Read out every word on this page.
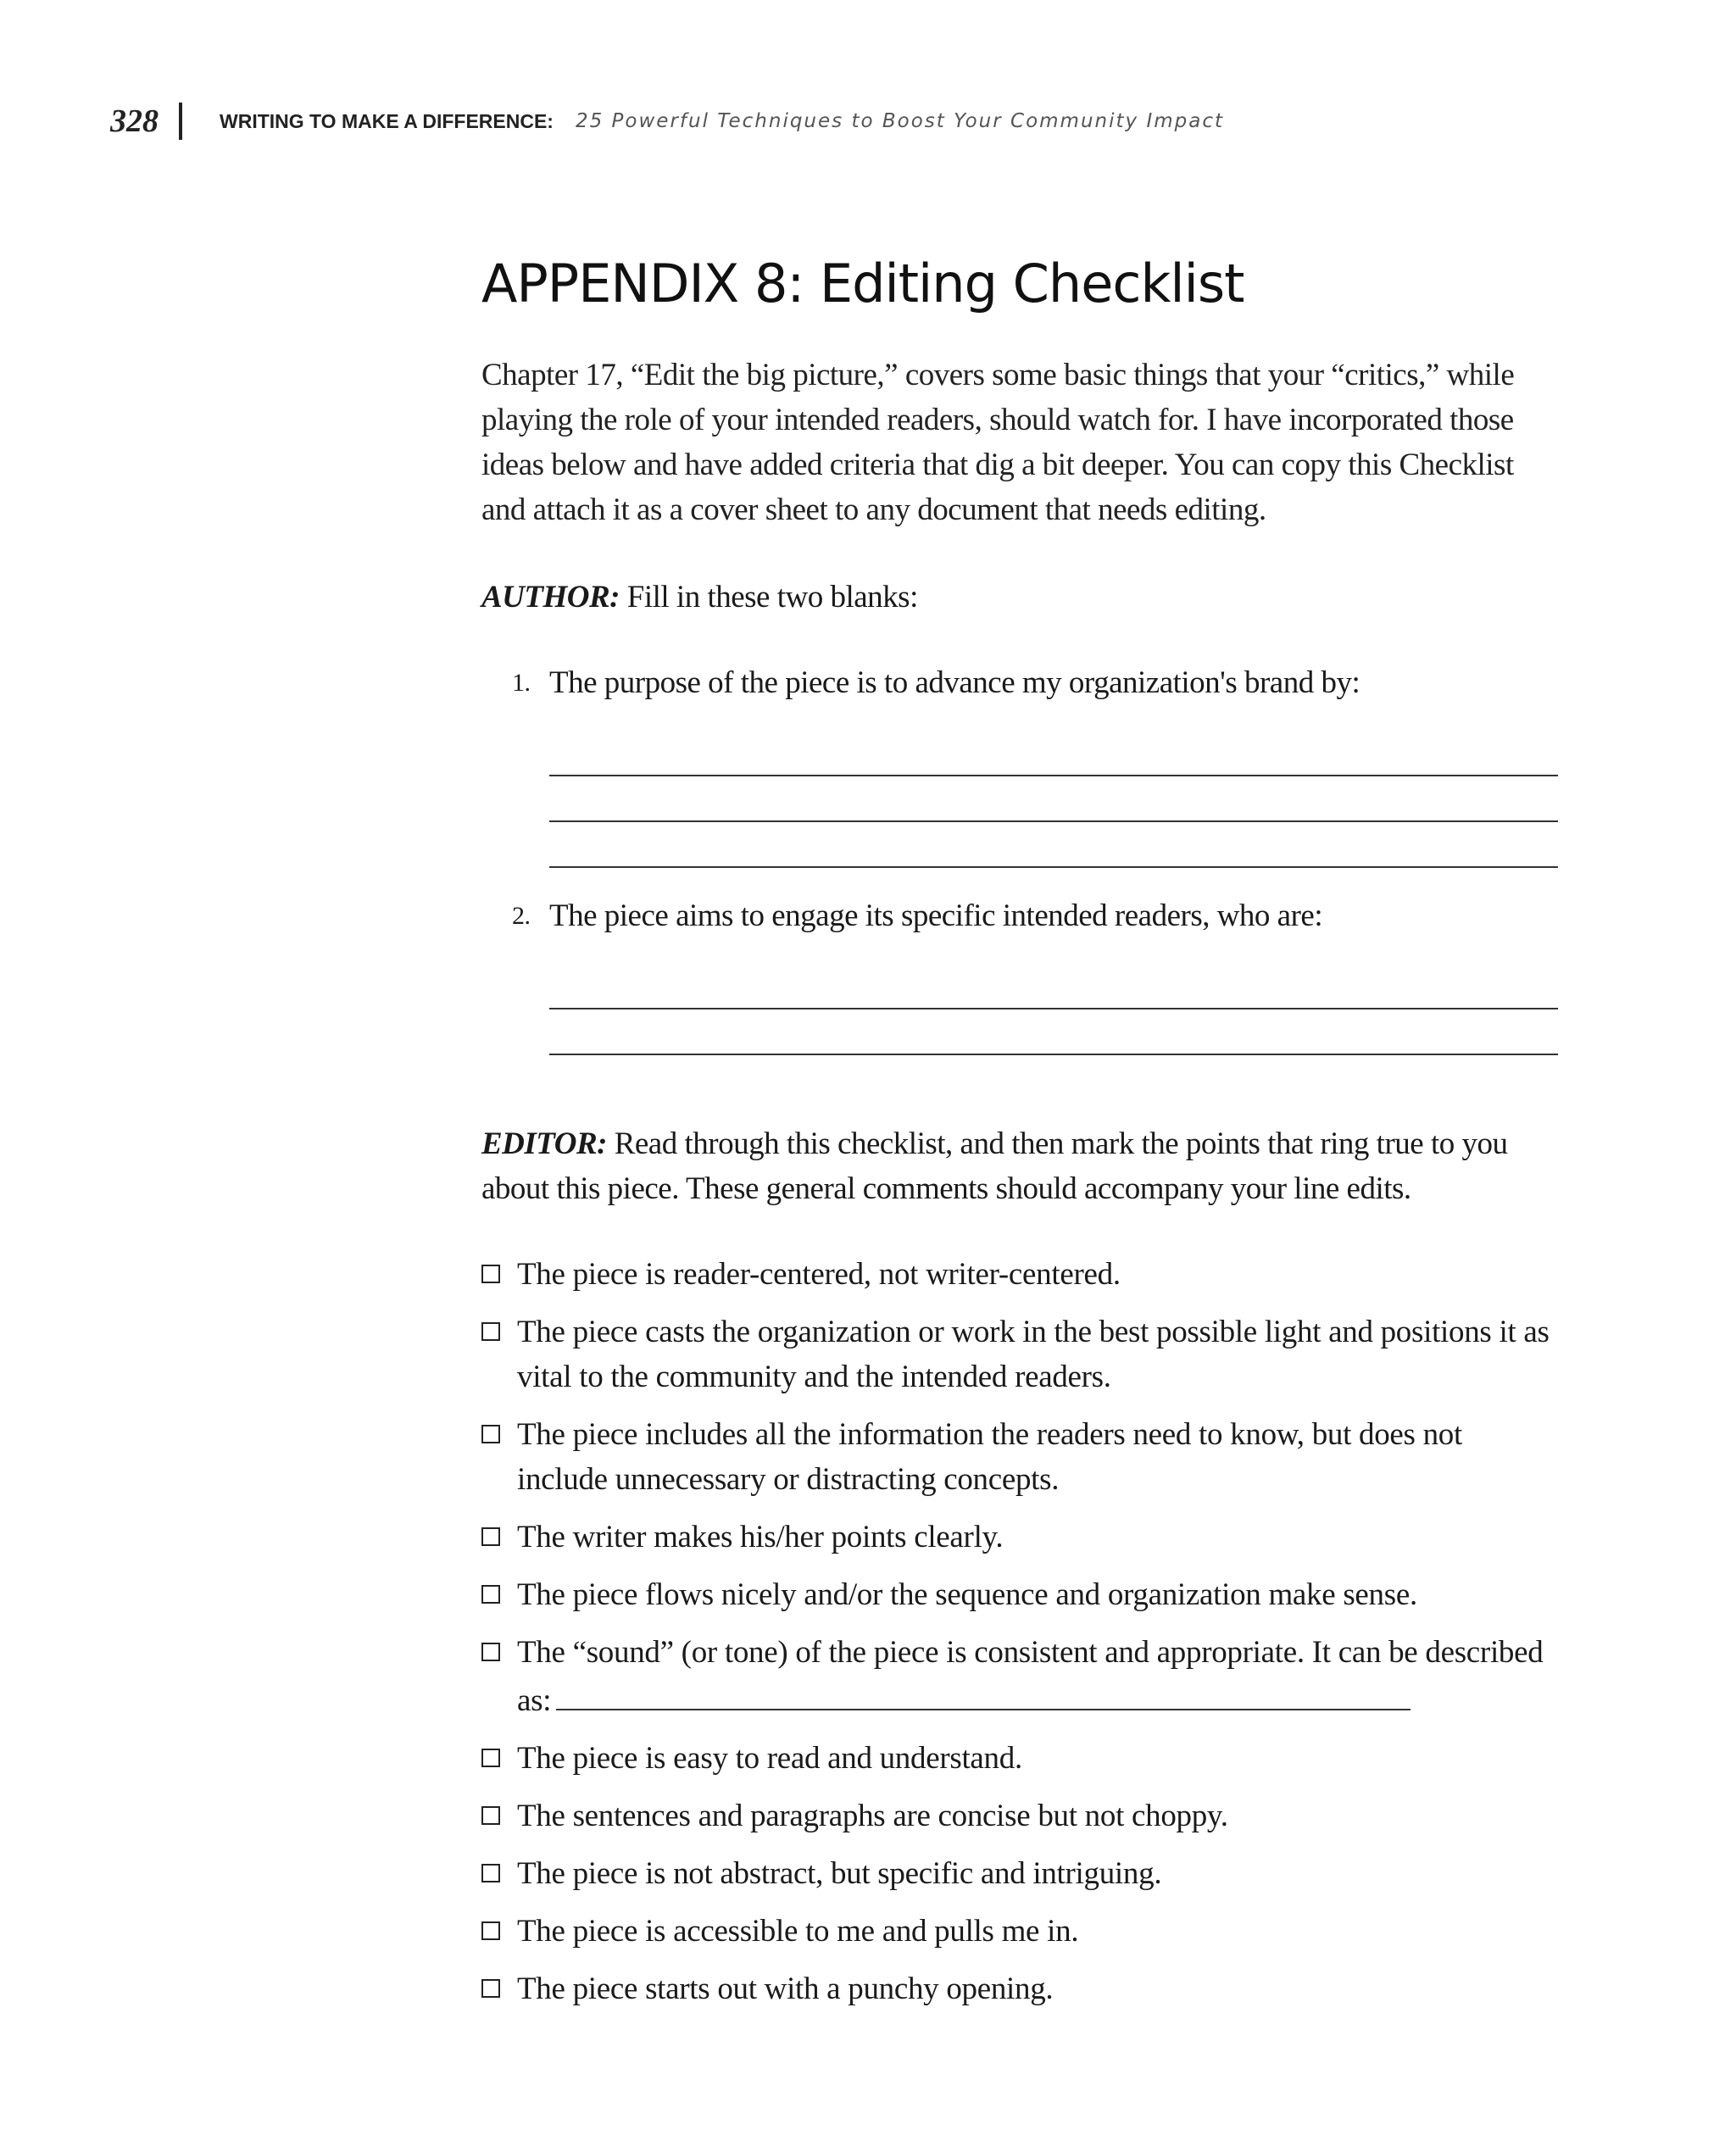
328	WRITING TO MAKE A DIFFERENCE: 25 Powerful Techniques to Boost Your Community Impact
APPENDIX 8: Editing Checklist

Chapter 17, “Edit the big picture,” covers some basic things that your “critics,” while playing the role of your intended readers, should watch for. I have incorporated those ideas below and have added criteria that dig a bit deeper. You can copy this Checklist and attach it as a cover sheet to any document that needs editing.

AUTHOR: Fill in these two blanks:

1. The purpose of the piece is to advance my organization's brand by:
2. The piece aims to engage its specific intended readers, who are:

EDITOR: Read through this checklist, and then mark the points that ring true to you about this piece. These general comments should accompany your line edits.

The piece is reader-centered, not writer-centered.
The piece casts the organization or work in the best possible light and positions it as vital to the community and the intended readers.
The piece includes all the information the readers need to know, but does not include unnecessary or distracting concepts.
The writer makes his/her points clearly.
The piece flows nicely and/or the sequence and organization make sense.
The “sound” (or tone) of the piece is consistent and appropriate. It can be described as:
The piece is easy to read and understand.
The sentences and paragraphs are concise but not choppy.
The piece is not abstract, but specific and intriguing.
The piece is accessible to me and pulls me in.
The piece starts out with a punchy opening.
